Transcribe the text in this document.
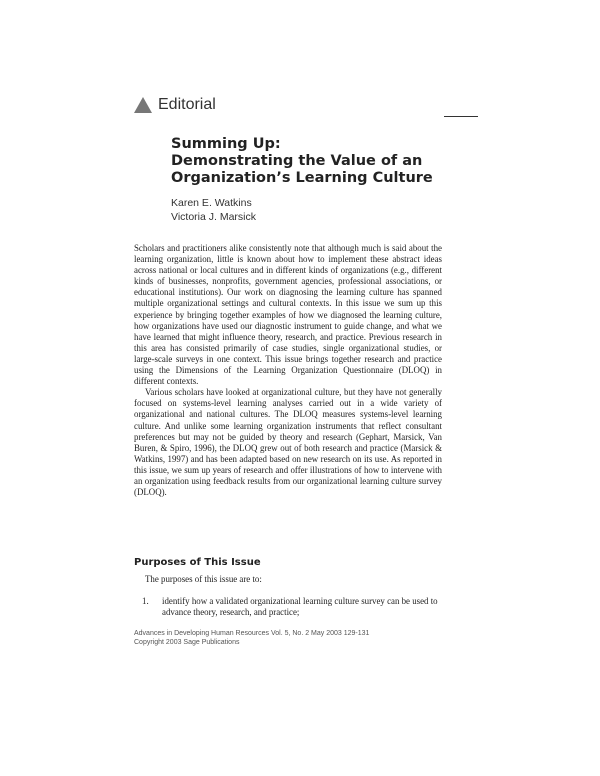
Editorial
Summing Up:
Demonstrating the Value of an
Organization’s Learning Culture
Karen E. Watkins
Victoria J. Marsick

Scholars and practitioners alike consistently note that although much is said about the learning organization, little is known about how to implement these abstract ideas across national or local cultures and in different kinds of organizations (e.g., different kinds of businesses, nonprofits, government agencies, professional associations, or educational institutions). Our work on diagnosing the learning culture has spanned multiple organizational settings and cultural contexts. In this issue we sum up this experience by bringing together examples of how we diagnosed the learning culture, how organizations have used our diagnostic instrument to guide change, and what we have learned that might influence theory, research, and practice. Previous research in this area has consisted primarily of case studies, single organizational studies, or large-scale surveys in one context. This issue brings together research and practice using the Dimensions of the Learning Organization Questionnaire (DLOQ) in different contexts.

Various scholars have looked at organizational culture, but they have not generally focused on systems-level learning analyses carried out in a wide variety of organizational and national cultures. The DLOQ measures systems-level learning culture. And unlike some learning organization instruments that reflect consultant preferences but may not be guided by theory and research (Gephart, Marsick, Van Buren, & Spiro, 1996), the DLOQ grew out of both research and practice (Marsick & Watkins, 1997) and has been adapted based on new research on its use. As reported in this issue, we sum up years of research and offer illustrations of how to intervene with an organization using feedback results from our organizational learning culture survey (DLOQ).

Purposes of This Issue
The purposes of this issue are to:
1.	identify how a validated organizational learning culture survey can be used to advance theory, research, and practice;
Advances in Developing Human Resources Vol. 5, No. 2 May 2003 129-131
Copyright 2003 Sage Publications
